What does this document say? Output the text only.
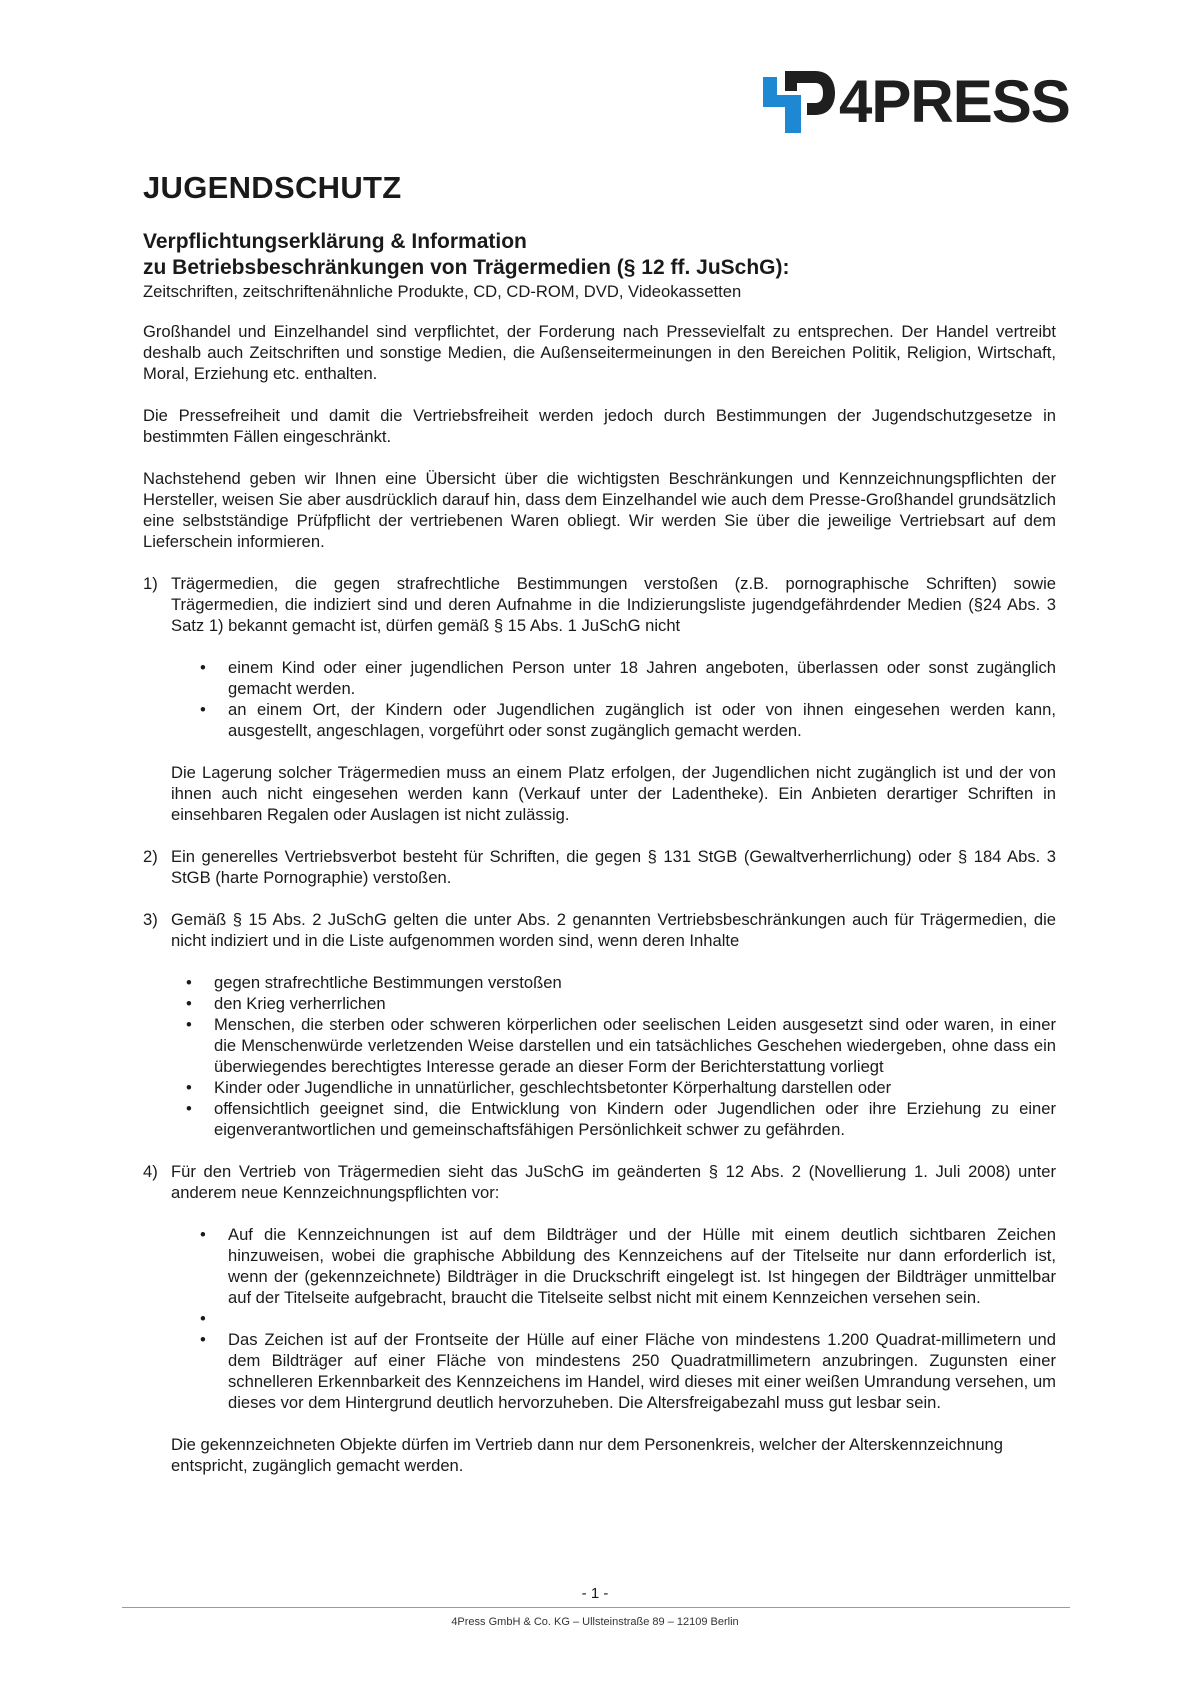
4PRESS
JUGENDSCHUTZ
Verpflichtungserklärung & Information
zu Betriebsbeschränkungen von Trägermedien (§ 12 ff. JuSchG):
Zeitschriften, zeitschriftenähnliche Produkte, CD, CD-ROM, DVD, Videokassetten

Großhandel und Einzelhandel sind verpflichtet, der Forderung nach Pressevielfalt zu entsprechen. Der Handel vertreibt deshalb auch Zeitschriften und sonstige Medien, die Außenseitermeinungen in den Bereichen Politik, Religion, Wirtschaft, Moral, Erziehung etc. enthalten.

Die Pressefreiheit und damit die Vertriebsfreiheit werden jedoch durch Bestimmungen der Jugendschutzgesetze in bestimmten Fällen eingeschränkt.

Nachstehend geben wir Ihnen eine Übersicht über die wichtigsten Beschränkungen und Kennzeichnungspflichten der Hersteller, weisen Sie aber ausdrücklich darauf hin, dass dem Einzelhandel wie auch dem Presse-Großhandel grundsätzlich eine selbstständige Prüfpflicht der vertriebenen Waren obliegt. Wir werden Sie über die jeweilige Vertriebsart auf dem Lieferschein informieren.

1) Trägermedien, die gegen strafrechtliche Bestimmungen verstoßen (z.B. pornographische Schriften) sowie Trägermedien, die indiziert sind und deren Aufnahme in die Indizierungsliste jugendgefährdender Medien (§24 Abs. 3 Satz 1) bekannt gemacht ist, dürfen gemäß § 15 Abs. 1 JuSchG nicht

• einem Kind oder einer jugendlichen Person unter 18 Jahren angeboten, überlassen oder sonst zugänglich gemacht werden.
• an einem Ort, der Kindern oder Jugendlichen zugänglich ist oder von ihnen eingesehen werden kann, ausgestellt, angeschlagen, vorgeführt oder sonst zugänglich gemacht werden.

Die Lagerung solcher Trägermedien muss an einem Platz erfolgen, der Jugendlichen nicht zugänglich ist und der von ihnen auch nicht eingesehen werden kann (Verkauf unter der Ladentheke). Ein Anbieten derartiger Schriften in einsehbaren Regalen oder Auslagen ist nicht zulässig.

2) Ein generelles Vertriebsverbot besteht für Schriften, die gegen § 131 StGB (Gewaltverherrlichung) oder § 184 Abs. 3 StGB (harte Pornographie) verstoßen.

3) Gemäß § 15 Abs. 2 JuSchG gelten die unter Abs. 2 genannten Vertriebsbeschränkungen auch für Trägermedien, die nicht indiziert und in die Liste aufgenommen worden sind, wenn deren Inhalte

• gegen strafrechtliche Bestimmungen verstoßen
• den Krieg verherrlichen
• Menschen, die sterben oder schweren körperlichen oder seelischen Leiden ausgesetzt sind oder waren, in einer die Menschenwürde verletzenden Weise darstellen und ein tatsächliches Geschehen wiedergeben, ohne dass ein überwiegendes berechtigtes Interesse gerade an dieser Form der Berichterstattung vorliegt
• Kinder oder Jugendliche in unnatürlicher, geschlechtsbetonter Körperhaltung darstellen oder
• offensichtlich geeignet sind, die Entwicklung von Kindern oder Jugendlichen oder ihre Erziehung zu einer eigenverantwortlichen und gemeinschaftsfähigen Persönlichkeit schwer zu gefährden.
4) Für den Vertrieb von Trägermedien sieht das JuSchG im geänderten § 12 Abs. 2 (Novellierung 1. Juli 2008) unter anderem neue Kennzeichnungspflichten vor:

• Auf die Kennzeichnungen ist auf dem Bildträger und der Hülle mit einem deutlich sichtbaren Zeichen hinzuweisen, wobei die graphische Abbildung des Kennzeichens auf der Titelseite nur dann erforderlich ist, wenn der (gekennzeichnete) Bildträger in die Druckschrift eingelegt ist. Ist hingegen der Bildträger unmittelbar auf der Titelseite aufgebracht, braucht die Titelseite selbst nicht mit einem Kennzeichen versehen sein.
•
• Das Zeichen ist auf der Frontseite der Hülle auf einer Fläche von mindestens 1.200 Quadrat-millimetern und dem Bildträger auf einer Fläche von mindestens 250 Quadratmillimetern anzubringen. Zugunsten einer schnelleren Erkennbarkeit des Kennzeichens im Handel, wird dieses mit einer weißen Umrandung versehen, um dieses vor dem Hintergrund deutlich hervorzuheben. Die Altersfreigabezahl muss gut lesbar sein.

Die gekennzeichneten Objekte dürfen im Vertrieb dann nur dem Personenkreis, welcher der Alterskennzeichnung entspricht, zugänglich gemacht werden.

- 1 -
4Press GmbH & Co. KG – Ullsteinstraße 89 – 12109 Berlin
